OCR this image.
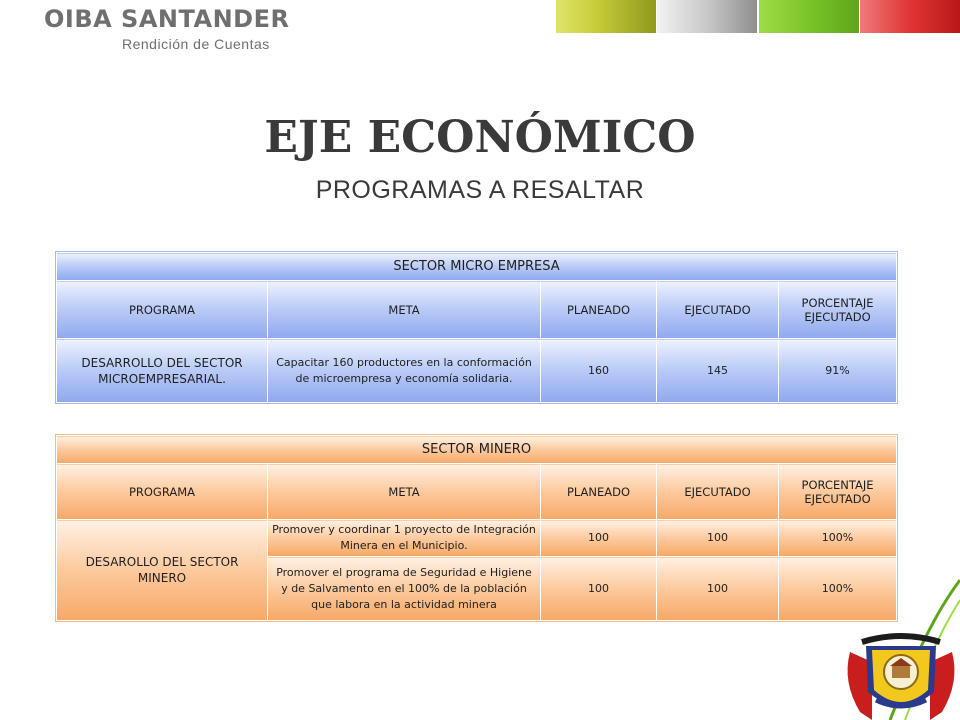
OIBA SANTANDER
Rendición de Cuentas
EJE ECONÓMICO
PROGRAMAS A RESALTAR
SECTOR MICRO EMPRESA				
PROGRAMA	META	PLANEADO	EJECUTADO	PORCENTAJE EJECUTADO
DESARROLLO DEL SECTOR MICROEMPRESARIAL.	Capacitar 160 productores en la conformación de microempresa y economía solidaria.	160	145	91%
SECTOR MINERO				
PROGRAMA	META	PLANEADO	EJECUTADO	PORCENTAJE EJECUTADO
DESAROLLO DEL SECTOR MINERO	Promover y coordinar 1 proyecto de Integración Minera en el Municipio.	100	100	100%
	Promover el programa de Seguridad e Higiene y de Salvamento en el 100% de la población que labora en la actividad minera	100	100	100%
